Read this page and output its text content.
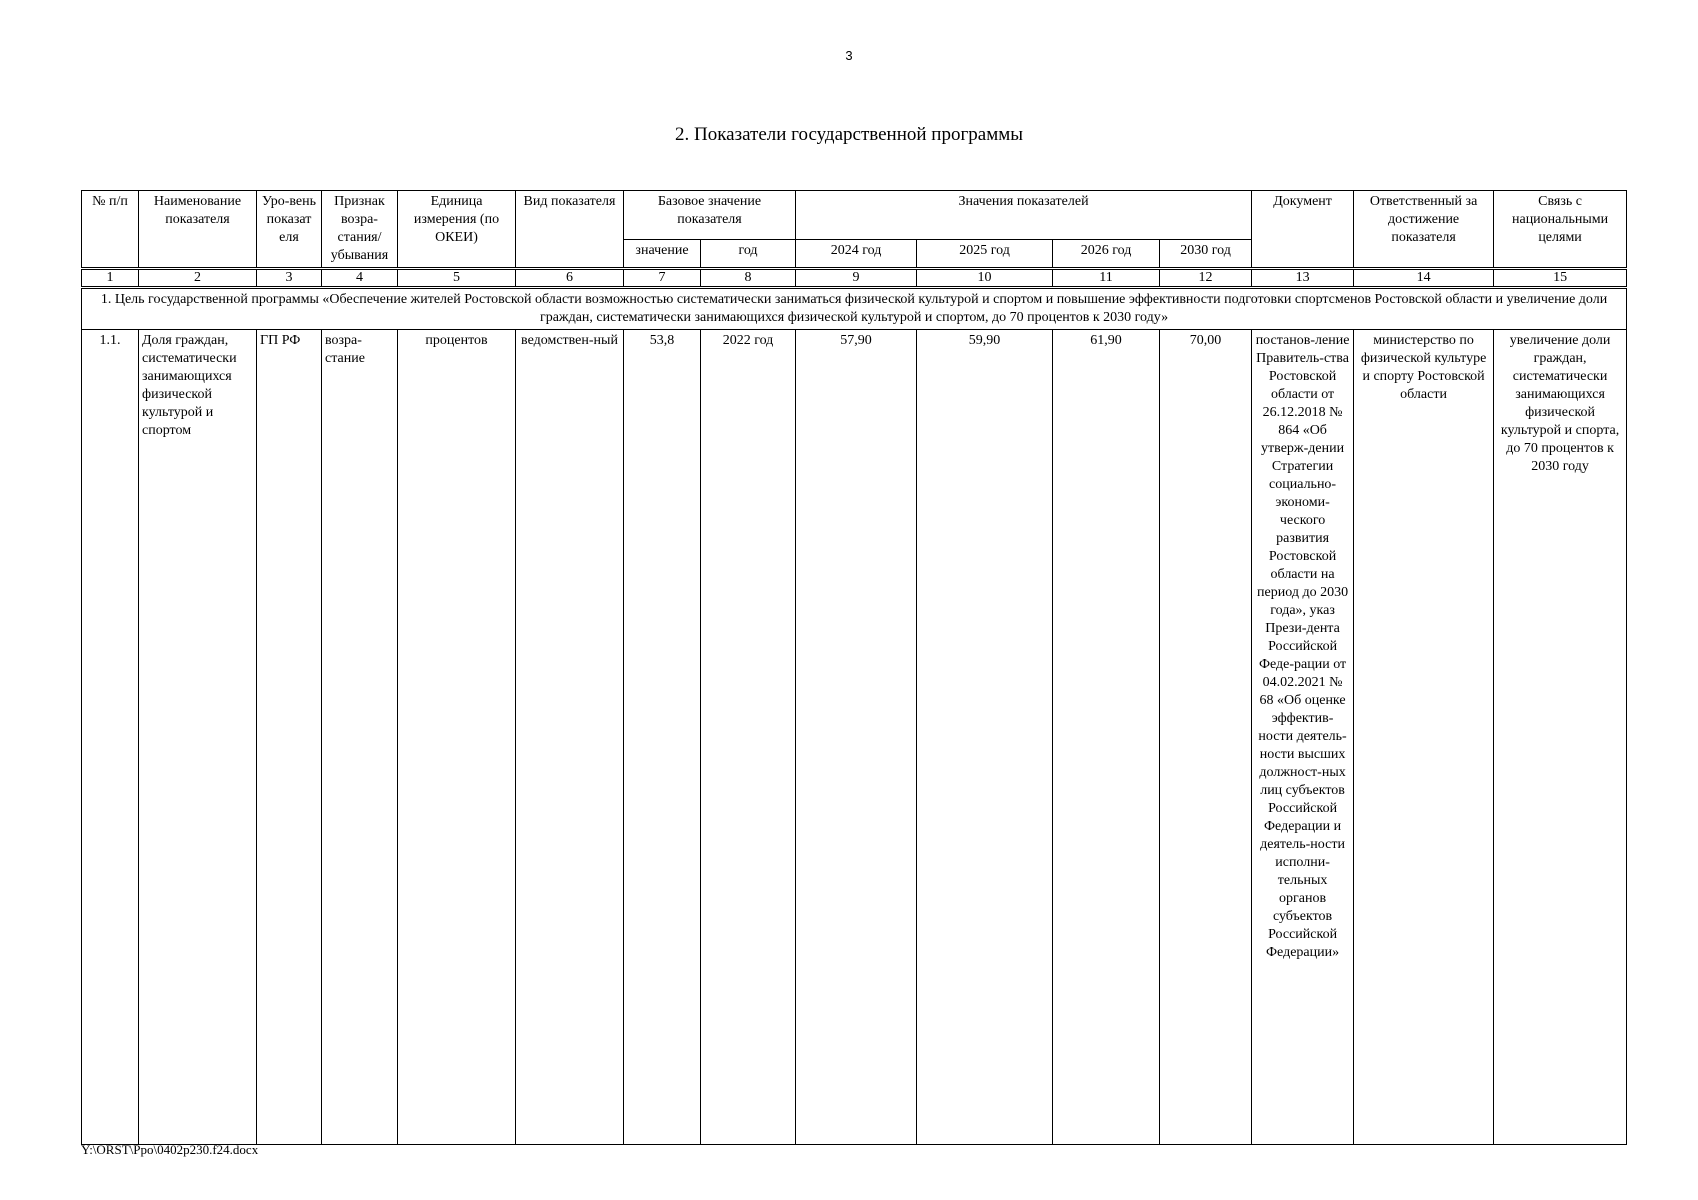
3
2. Показатели государственной программы
№ п/п	Наименование показателя	Уро-вень показат еля	Признак возра-стания/ убывания	Единица измерения (по ОКЕИ)	Вид показателя	Базовое значение показателя		Значения показателей				Документ	Ответственный за достижение показателя	Связь с национальными целями
						значение	год	2024 год	2025 год	2026 год	2030 год			
1	2	3	4	5	6	7	8	9	10	11	12	13	14	15
1. Цель государственной программы «Обеспечение жителей Ростовской области возможностью систематически заниматься физической культурой и спортом и повышение эффективности подготовки спортсменов Ростовской области и увеличение доли граждан, систематически занимающихся физической культурой и спортом, до 70 процентов к 2030 году»														
1.1.	Доля граждан, систематически занимающихся физической культурой и спортом	ГП РФ	возра-стание	процентов	ведомствен-ный	53,8	2022 год	57,90	59,90	61,90	70,00	постанов-ление Правитель-ства Ростовской области от 26.12.2018 № 864 «Об утверж-дении Стратегии социально-экономи-ческого развития Ростовской области на период до 2030 года», указ Прези-дента Российской Феде-рации от 04.02.2021 № 68 «Об оценке эффектив-ности деятель-ности высших должност-ных лиц субъектов Российской Федерации и деятель-ности исполни-тельных органов субъектов Российской Федерации»	министерство по физической культуре и спорту Ростовской области	увеличение доли граждан, систематически занимающихся физической культурой и спорта, до 70 процентов к 2030 году
Y:\ORST\Ppo\0402p230.f24.docx
